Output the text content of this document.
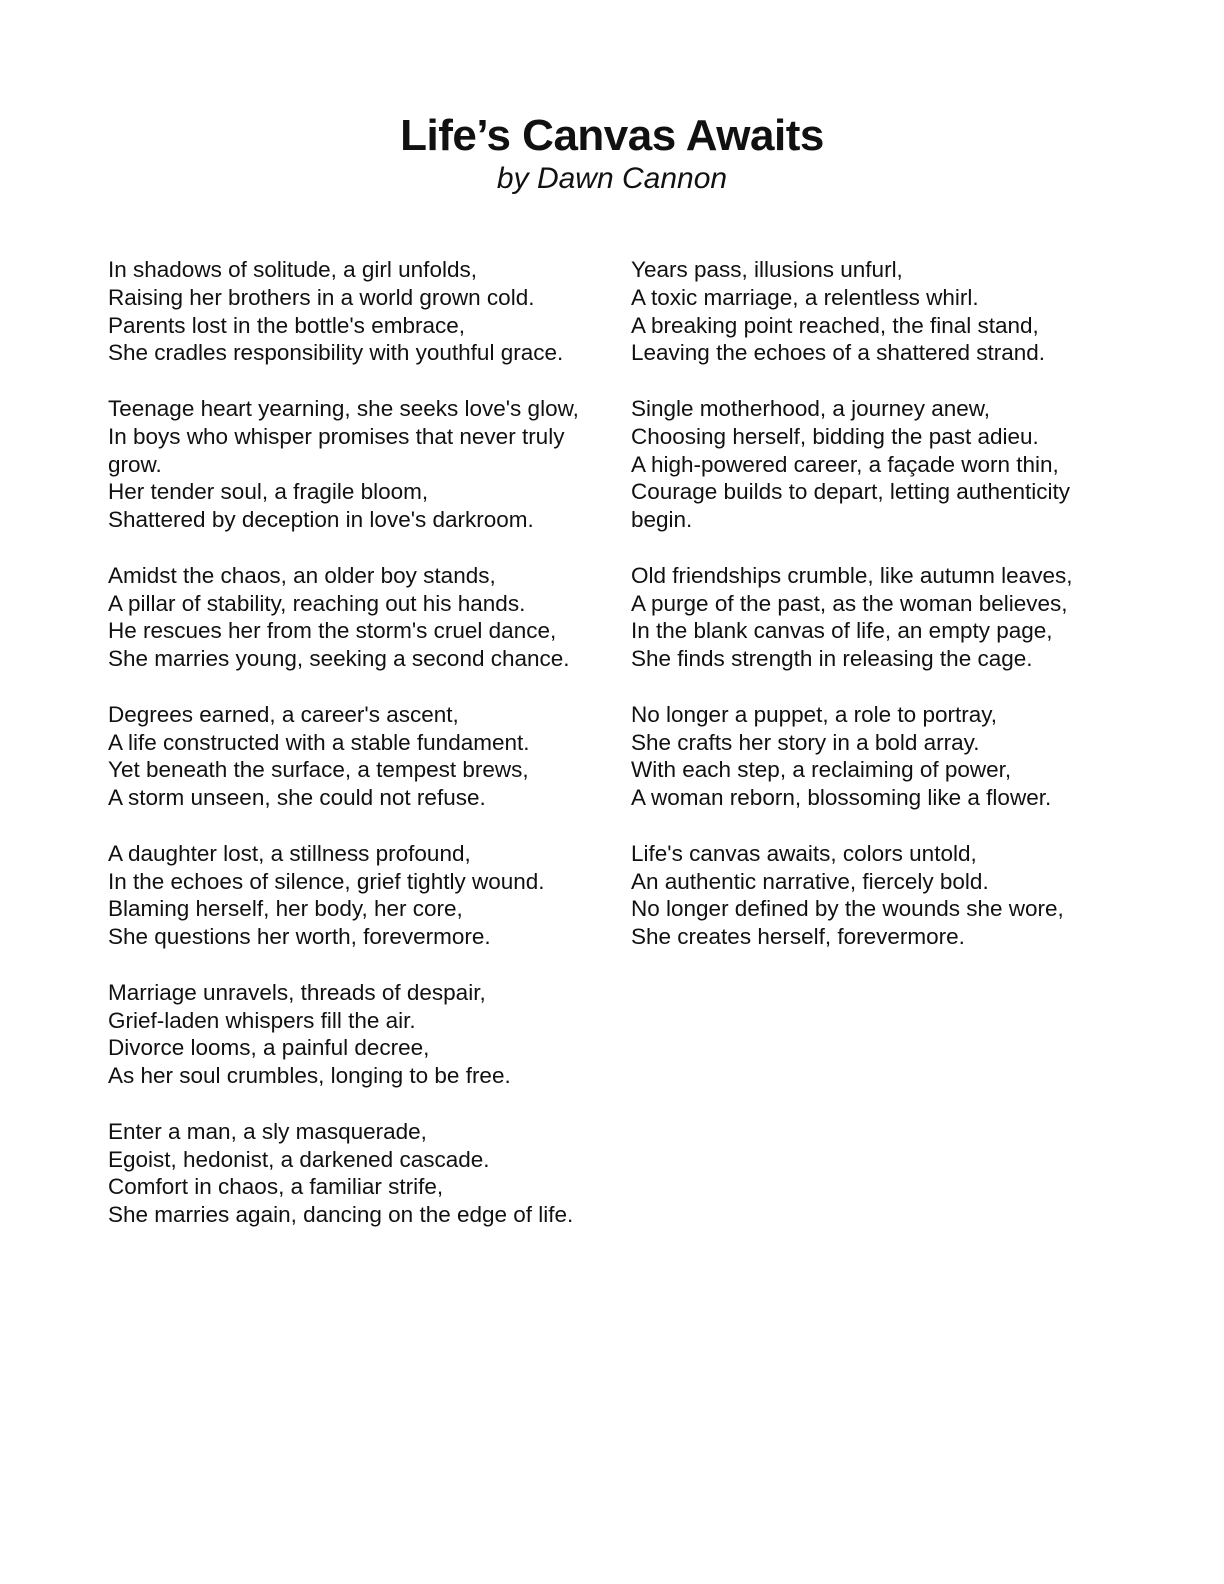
Life’s Canvas Awaits

by Dawn Cannon

In shadows of solitude, a girl unfolds,
Raising her brothers in a world grown cold.
Parents lost in the bottle's embrace,
She cradles responsibility with youthful grace.
Teenage heart yearning, she seeks love's glow,
In boys who whisper promises that never truly grow.
Her tender soul, a fragile bloom,
Shattered by deception in love's darkroom.
Amidst the chaos, an older boy stands,
A pillar of stability, reaching out his hands.
He rescues her from the storm's cruel dance,
She marries young, seeking a second chance.
Degrees earned, a career's ascent,
A life constructed with a stable fundament.
Yet beneath the surface, a tempest brews,
A storm unseen, she could not refuse.
A daughter lost, a stillness profound,
In the echoes of silence, grief tightly wound.
Blaming herself, her body, her core,
She questions her worth, forevermore.
Marriage unravels, threads of despair,
Grief-laden whispers fill the air.
Divorce looms, a painful decree,
As her soul crumbles, longing to be free.
Enter a man, a sly masquerade,
Egoist, hedonist, a darkened cascade.
Comfort in chaos, a familiar strife,
She marries again, dancing on the edge of life.
Years pass, illusions unfurl,
A toxic marriage, a relentless whirl.
A breaking point reached, the final stand,
Leaving the echoes of a shattered strand.
Single motherhood, a journey anew,
Choosing herself, bidding the past adieu.
A high-powered career, a façade worn thin,
Courage builds to depart, letting authenticity begin.
Old friendships crumble, like autumn leaves,
A purge of the past, as the woman believes,
In the blank canvas of life, an empty page,
She finds strength in releasing the cage.
No longer a puppet, a role to portray,
She crafts her story in a bold array.
With each step, a reclaiming of power,
A woman reborn, blossoming like a flower.
Life's canvas awaits, colors untold,
An authentic narrative, fiercely bold.
No longer defined by the wounds she wore,
She creates herself, forevermore.
